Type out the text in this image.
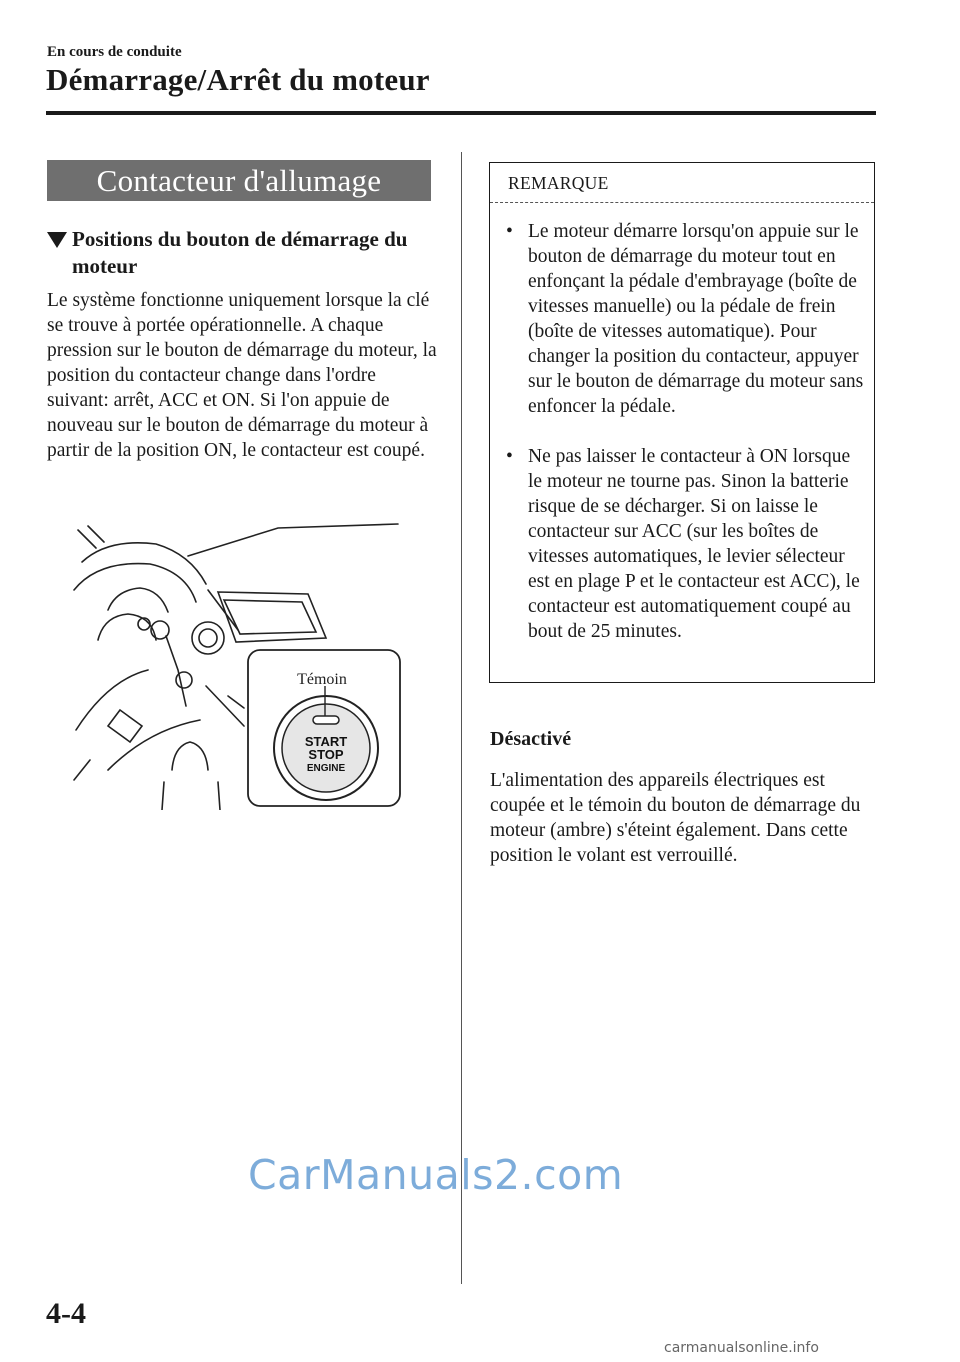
En cours de conduite
Démarrage/Arrêt du moteur
Contacteur d'allumage
Positions du bouton de démarrage du moteur
Le système fonctionne uniquement lorsque la clé se trouve à portée opérationnelle. A chaque pression sur le bouton de démarrage du moteur, la position du contacteur change dans l'ordre suivant: arrêt, ACC et ON. Si l'on appuie de nouveau sur le bouton de démarrage du moteur à partir de la position ON, le contacteur est coupé.
Témoin
START
STOP
ENGINE
REMARQUE
• Le moteur démarre lorsqu'on appuie sur le bouton de démarrage du moteur tout en enfonçant la pédale d'embrayage (boîte de vitesses manuelle) ou la pédale de frein (boîte de vitesses automatique). Pour changer la position du contacteur, appuyer sur le bouton de démarrage du moteur sans enfoncer la pédale.
• Ne pas laisser le contacteur à ON lorsque le moteur ne tourne pas. Sinon la batterie risque de se décharger. Si on laisse le contacteur sur ACC (sur les boîtes de vitesses automatiques, le levier sélecteur est en plage P et le contacteur est ACC), le contacteur est automatiquement coupé au bout de 25 minutes.
Désactivé
L'alimentation des appareils électriques est coupée et le témoin du bouton de démarrage du moteur (ambre) s'éteint également. Dans cette position le volant est verrouillé.
CarManuals2.com
4-4
carmanualsonline.info
